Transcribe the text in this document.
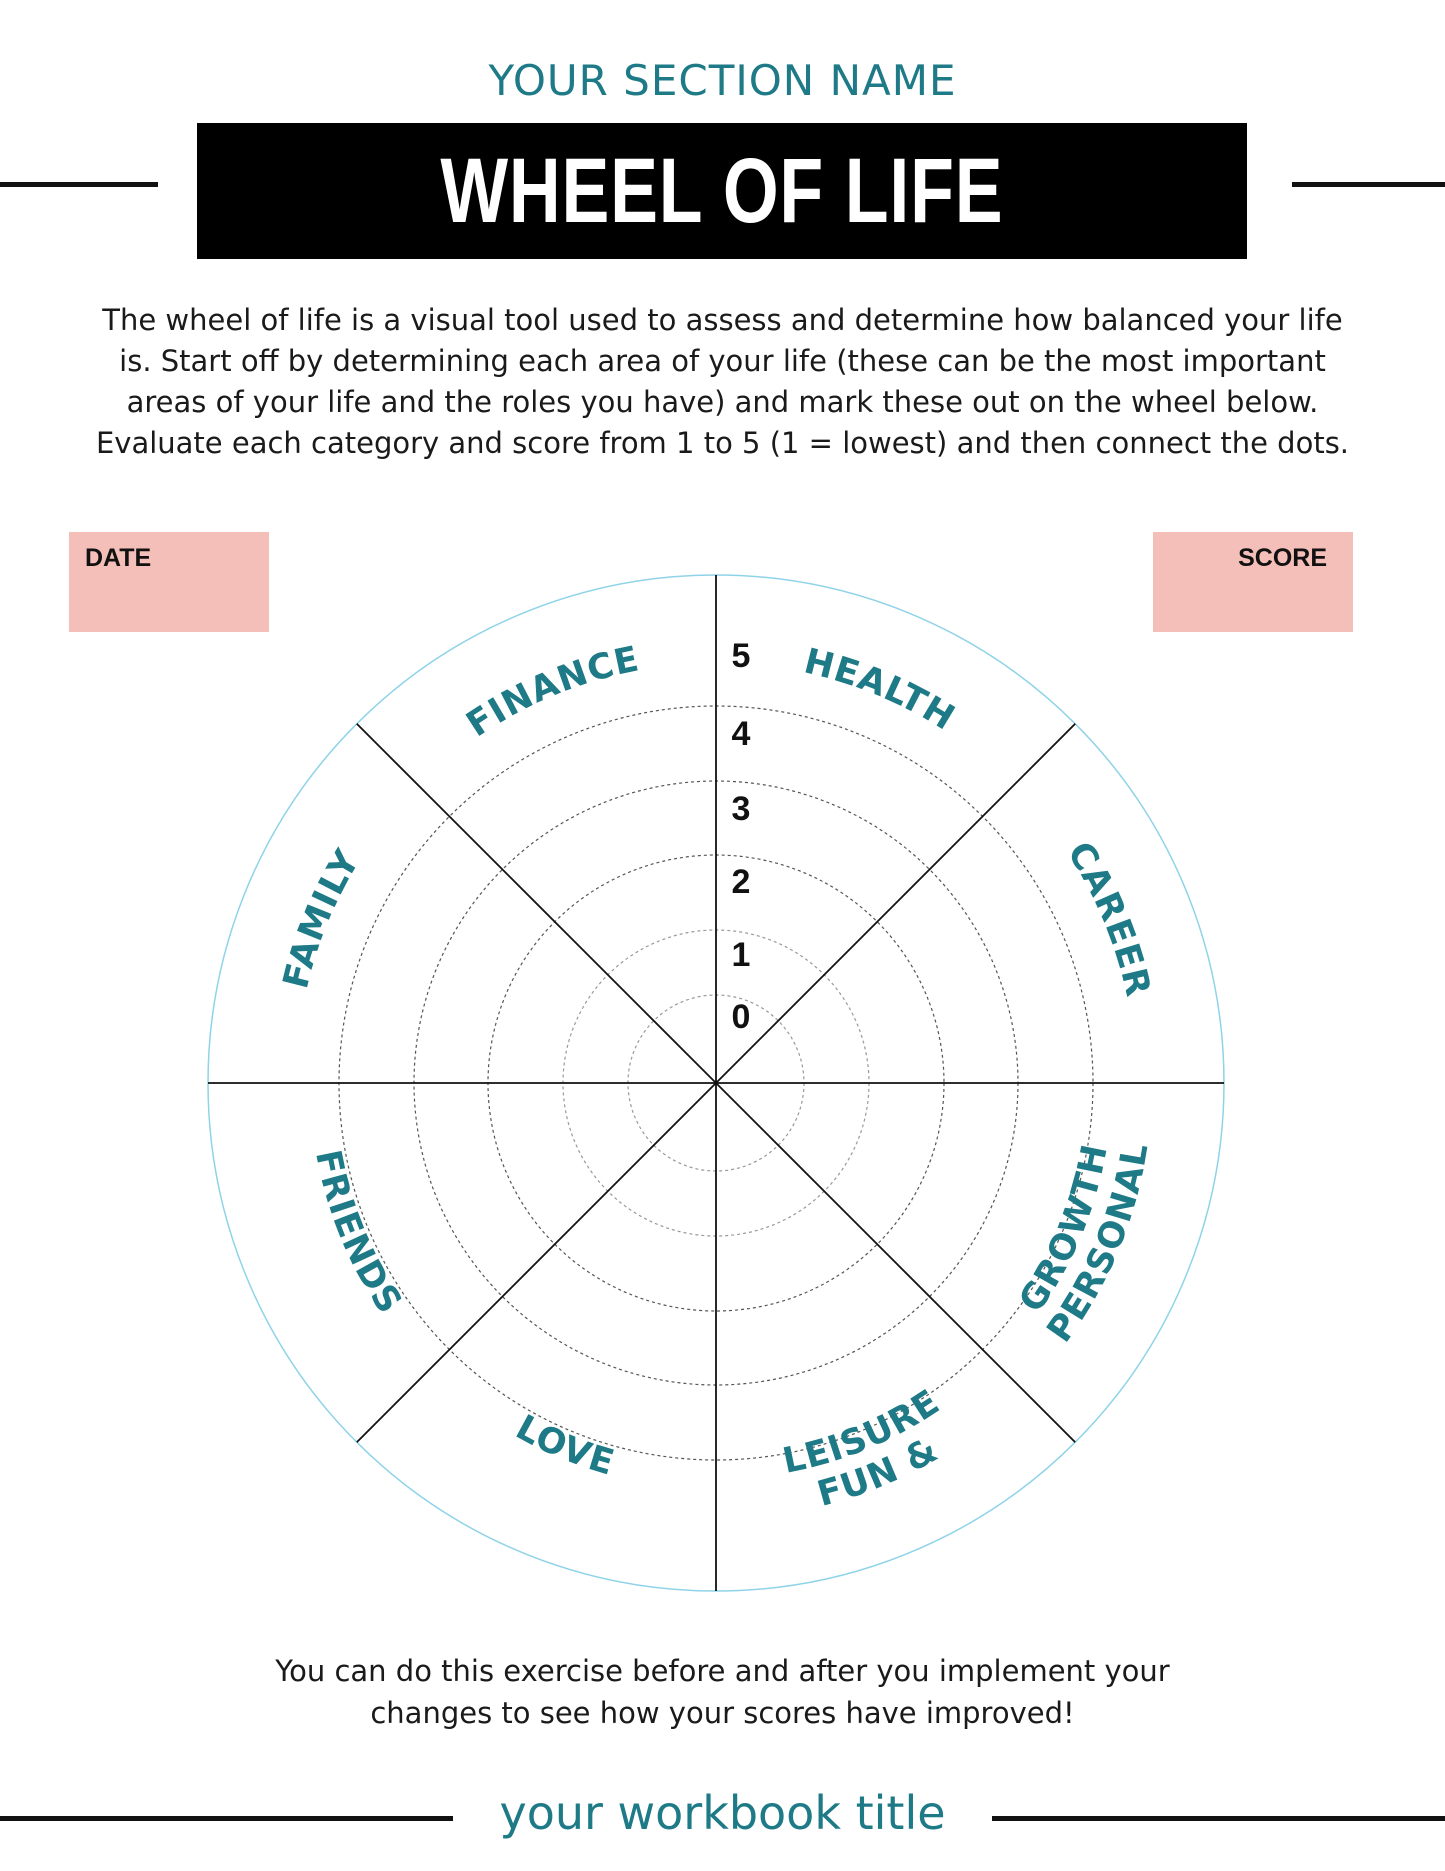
YOUR SECTION NAME
WHEEL OF LIFE
The wheel of life is a visual tool used to assess and determine how balanced your life is. Start off by determining each area of your life (these can be the most important areas of your life and the roles you have) and mark these out on the wheel below. Evaluate each category and score from 1 to 5 (1 = lowest) and then connect the dots.
DATE	SCORE
FINANCE	HEALTH
CAREER
PERSONAL
GROWTH
FUN &
LEISURE
LOVE
FRIENDS
FAMILY
0
1
2
3
4
5
You can do this exercise before and after you implement your changes to see how your scores have improved!
your workbook title
